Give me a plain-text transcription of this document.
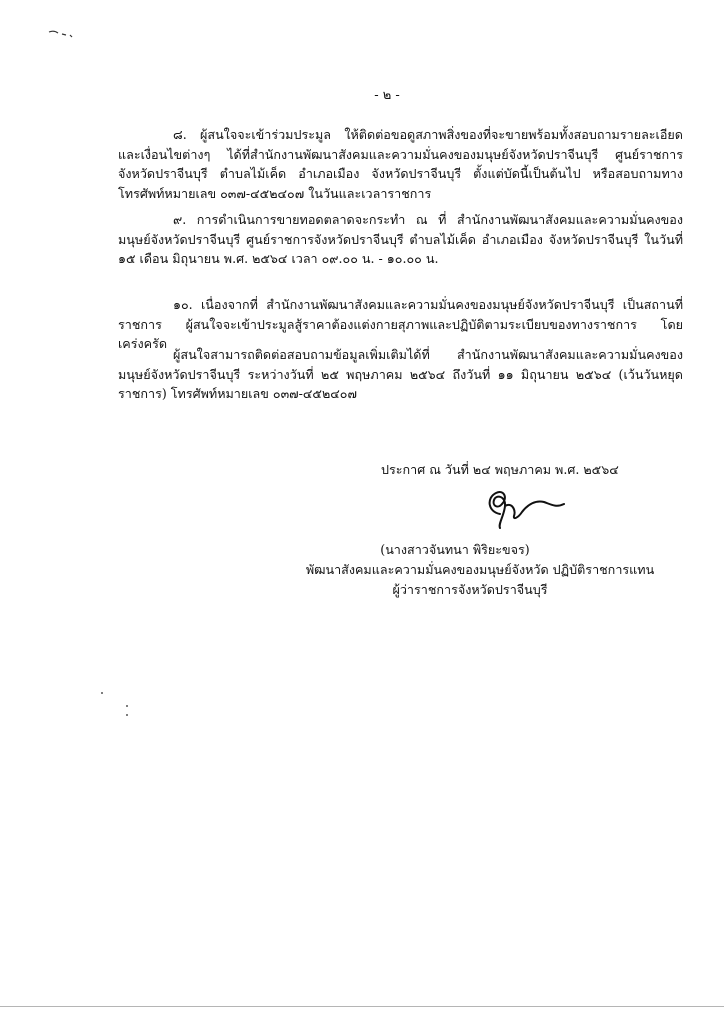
- ๒ -

๘. ผู้สนใจจะเข้าร่วมประมูล ให้ติดต่อขอดูสภาพสิ่งของที่จะขายพร้อมทั้งสอบถามรายละเอียดและเงื่อนไขต่างๆ ได้ที่สำนักงานพัฒนาสังคมและความมั่นคงของมนุษย์จังหวัดปราจีนบุรี ศูนย์ราชการจังหวัดปราจีนบุรี ตำบลไม้เค็ด อำเภอเมือง จังหวัดปราจีนบุรี ตั้งแต่บัดนี้เป็นต้นไป หรือสอบถามทางโทรศัพท์หมายเลข ๐๓๗-๔๕๒๔๐๗ ในวันและเวลาราชการ

๙. การดำเนินการขายทอดตลาดจะกระทำ ณ ที่ สำนักงานพัฒนาสังคมและความมั่นคงของมนุษย์จังหวัดปราจีนบุรี ศูนย์ราชการจังหวัดปราจีนบุรี ตำบลไม้เค็ด อำเภอเมือง จังหวัดปราจีนบุรี ในวันที่ ๑๕ เดือน มิถุนายน พ.ศ. ๒๕๖๔ เวลา ๐๙.๐๐ น. - ๑๐.๐๐ น.

๑๐. เนื่องจากที่ สำนักงานพัฒนาสังคมและความมั่นคงของมนุษย์จังหวัดปราจีนบุรี เป็นสถานที่ราชการ ผู้สนใจจะเข้าประมูลสู้ราคาต้องแต่งกายสุภาพและปฏิบัติตามระเบียบของทางราชการ โดยเคร่งครัด

ผู้สนใจสามารถติดต่อสอบถามข้อมูลเพิ่มเติมได้ที่ สำนักงานพัฒนาสังคมและความมั่นคงของมนุษย์จังหวัดปราจีนบุรี ระหว่างวันที่ ๒๕ พฤษภาคม ๒๕๖๔ ถึงวันที่ ๑๑ มิถุนายน ๒๕๖๔ (เว้นวันหยุดราชการ) โทรศัพท์หมายเลข ๐๓๗-๔๕๒๔๐๗

ประกาศ ณ วันที่ ๒๔ พฤษภาคม พ.ศ. ๒๕๖๔
(นางสาวจันทนา พิริยะขจร)
พัฒนาสังคมและความมั่นคงของมนุษย์จังหวัด ปฏิบัติราชการแทน
ผู้ว่าราชการจังหวัดปราจีนบุรี
